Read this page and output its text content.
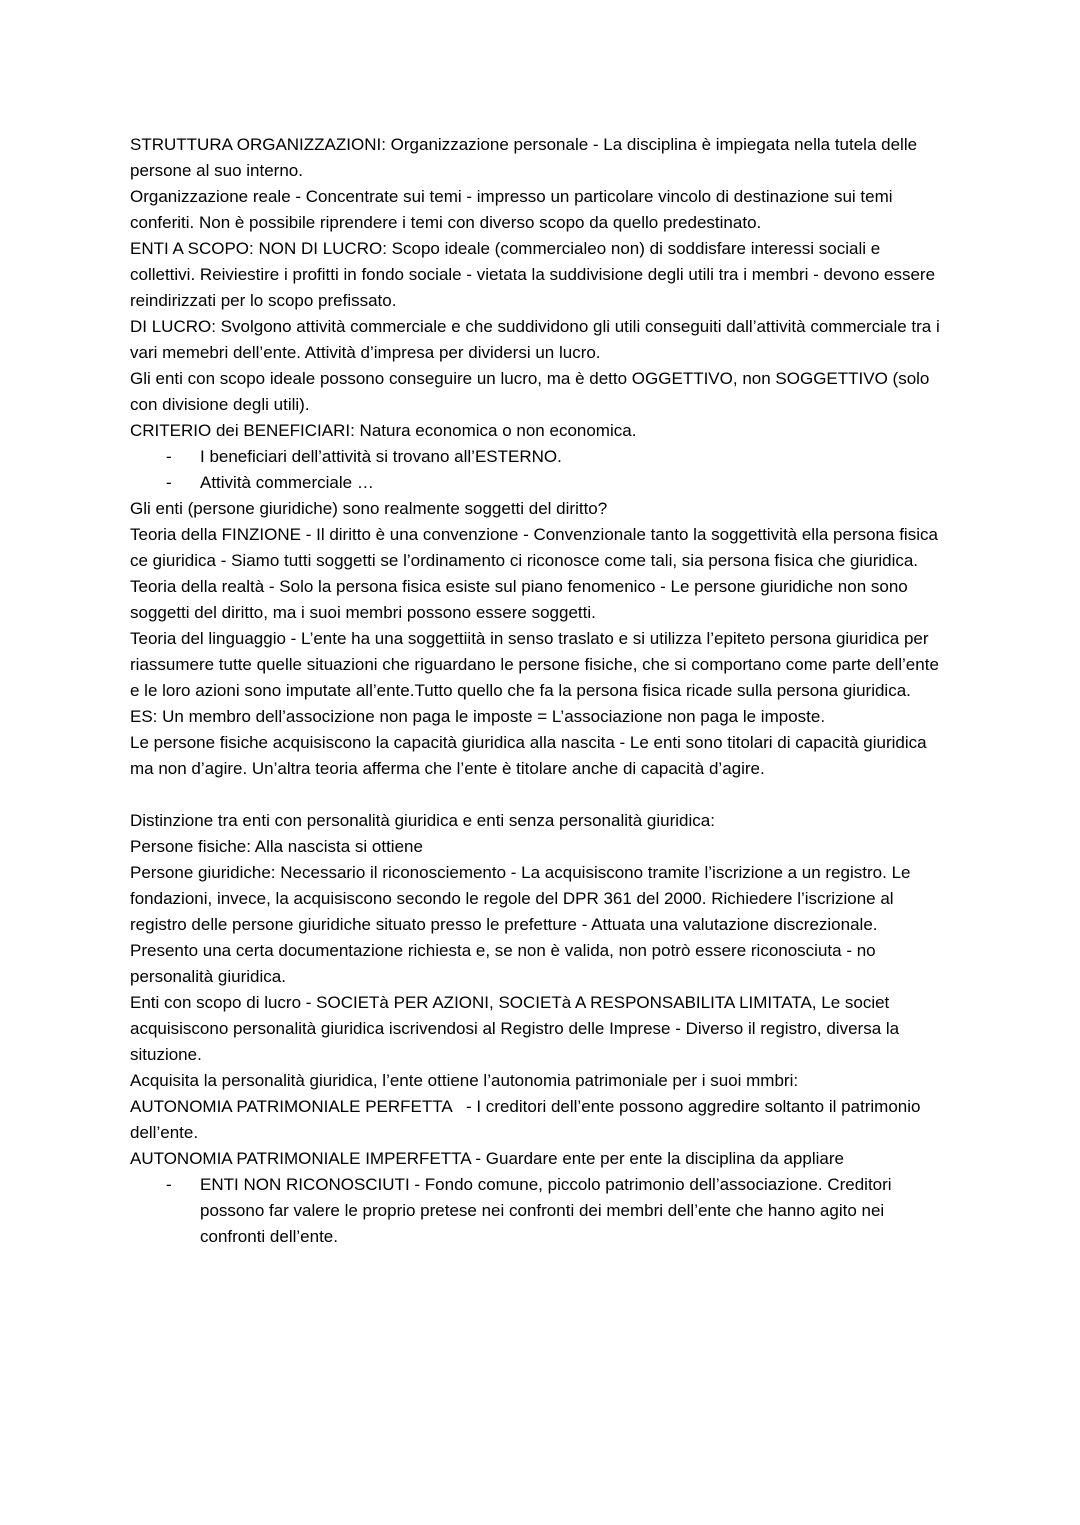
STRUTTURA ORGANIZZAZIONI: Organizzazione personale - La disciplina è impiegata nella tutela delle persone al suo interno.

Organizzazione reale - Concentrate sui temi - impresso un particolare vincolo di destinazione sui temi conferiti. Non è possibile riprendere i temi con diverso scopo da quello predestinato.

ENTI A SCOPO: NON DI LUCRO: Scopo ideale (commercialeo non) di soddisfare interessi sociali e collettivi. Reiviestire i profitti in fondo sociale - vietata la suddivisione degli utili tra i membri - devono essere reindirizzati per lo scopo prefissato.

DI LUCRO: Svolgono attività commerciale e che suddividono gli utili conseguiti dall’attività commerciale tra i vari memebri dell’ente. Attività d’impresa per dividersi un lucro.

Gli enti con scopo ideale possono conseguire un lucro, ma è detto OGGETTIVO, non SOGGETTIVO (solo con divisione degli utili).

CRITERIO dei BENEFICIARI: Natura economica o non economica.

-	I beneficiari dell’attività si trovano all’ESTERNO.
-	Attività commerciale …

Gli enti (persone giuridiche) sono realmente soggetti del diritto?

Teoria della FINZIONE - Il diritto è una convenzione - Convenzionale tanto la soggettività ella persona fisica ce giuridica - Siamo tutti soggetti se l’ordinamento ci riconosce come tali, sia persona fisica che giuridica.

Teoria della realtà - Solo la persona fisica esiste sul piano fenomenico - Le persone giuridiche non sono soggetti del diritto, ma i suoi membri possono essere soggetti.

Teoria del linguaggio - L’ente ha una soggettiità in senso traslato e si utilizza l’epiteto persona giuridica per riassumere tutte quelle situazioni che riguardano le persone fisiche, che si comportano come parte dell’ente e le loro azioni sono imputate all’ente.Tutto quello che fa la persona fisica ricade sulla persona giuridica.

ES: Un membro dell’associzione non paga le imposte = L’associazione non paga le imposte.

Le persone fisiche acquisiscono la capacità giuridica alla nascita - Le enti sono titolari di capacità giuridica ma non d’agire. Un’altra teoria afferma che l’ente è titolare anche di capacità d’agire.

Distinzione tra enti con personalità giuridica e enti senza personalità giuridica:

Persone fisiche: Alla nascista si ottiene

Persone giuridiche: Necessario il riconosciemento - La acquisiscono tramite l’iscrizione a un registro. Le fondazioni, invece, la acquisiscono secondo le regole del DPR 361 del 2000. Richiedere l’iscrizione al registro delle persone giuridiche situato presso le prefetture - Attuata una valutazione discrezionale. Presento una certa documentazione richiesta e, se non è valida, non potrò essere riconosciuta - no personalità giuridica.

Enti con scopo di lucro - SOCIETà PER AZIONI, SOCIETà A RESPONSABILITA LIMITATA, Le societ acquisiscono personalità giuridica iscrivendosi al Registro delle Imprese - Diverso il registro, diversa la situzione.

Acquisita la personalità giuridica, l’ente ottiene l’autonomia patrimoniale per i suoi mmbri:

AUTONOMIA PATRIMONIALE PERFETTA   - I creditori dell’ente possono aggredire soltanto il patrimonio dell’ente.

AUTONOMIA PATRIMONIALE IMPERFETTA - Guardare ente per ente la disciplina da appliare

-	ENTI NON RICONOSCIUTI - Fondo comune, piccolo patrimonio dell’associazione. Creditori possono far valere le proprio pretese nei confronti dei membri dell’ente che hanno agito nei confronti dell’ente.
